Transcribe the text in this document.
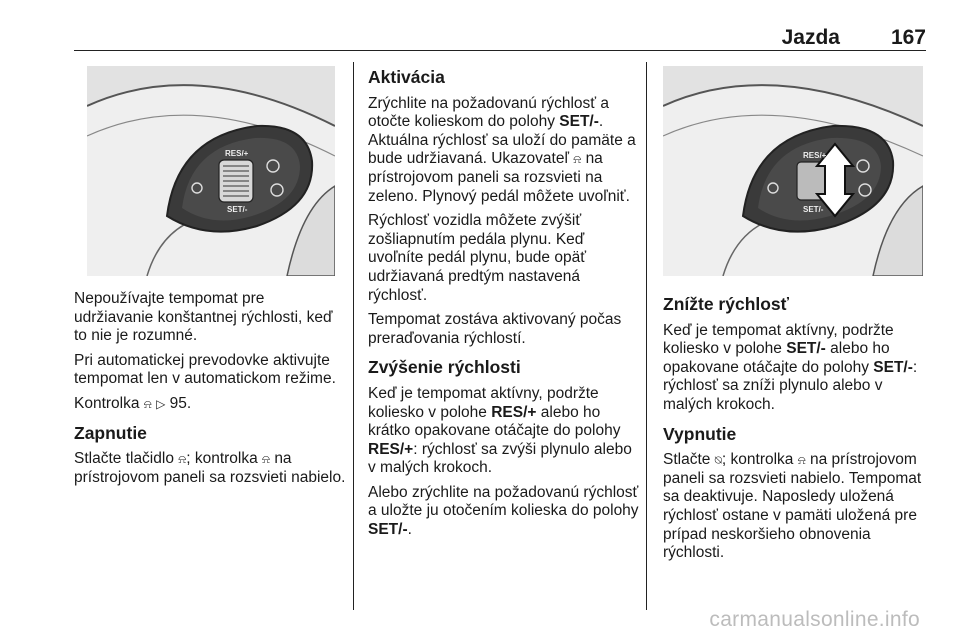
Jazda 167
RES/+
SET/-
RES/+
SET/-

Nepoužívajte tempomat pre udržiavanie konštantnej rýchlosti, keď to nie je rozumné.

Pri automatickej prevodovke aktivujte tempomat len v automatickom režime.

Kontrolka ⍾ ▷ 95.

Zapnutie

Stlačte tlačidlo ⍾; kontrolka ⍾ na prístrojovom paneli sa rozsvieti nabielo.

Aktivácia

Zrýchlite na požadovanú rýchlosť a otočte kolieskom do polohy SET/-. Aktuálna rýchlosť sa uloží do pamäte a bude udržiavaná. Ukazovateľ ⍾ na prístrojovom paneli sa rozsvieti na zeleno. Plynový pedál môžete uvoľniť.

Rýchlosť vozidla môžete zvýšiť zošliapnutím pedála plynu. Keď uvoľníte pedál plynu, bude opäť udržiavaná predtým nastavená rýchlosť.

Tempomat zostáva aktivovaný počas preraďovania rýchlostí.

Zvýšenie rýchlosti

Keď je tempomat aktívny, podržte koliesko v polohe RES/+ alebo ho krátko opakovane otáčajte do polohy RES/+: rýchlosť sa zvýši plynulo alebo v malých krokoch.

Alebo zrýchlite na požadovanú rýchlosť a uložte ju otočením kolieska do polohy SET/-.

Znížte rýchlosť

Keď je tempomat aktívny, podržte koliesko v polohe SET/- alebo ho opakovane otáčajte do polohy SET/-: rýchlosť sa zníži plynulo alebo v malých krokoch.

Vypnutie

Stlačte ⍉; kontrolka ⍾ na prístrojovom paneli sa rozsvieti nabielo. Tempomat sa deaktivuje. Naposledy uložená rýchlosť ostane v pamäti uložená pre prípad neskoršieho obnovenia rýchlosti.

carmanualsonline.info
